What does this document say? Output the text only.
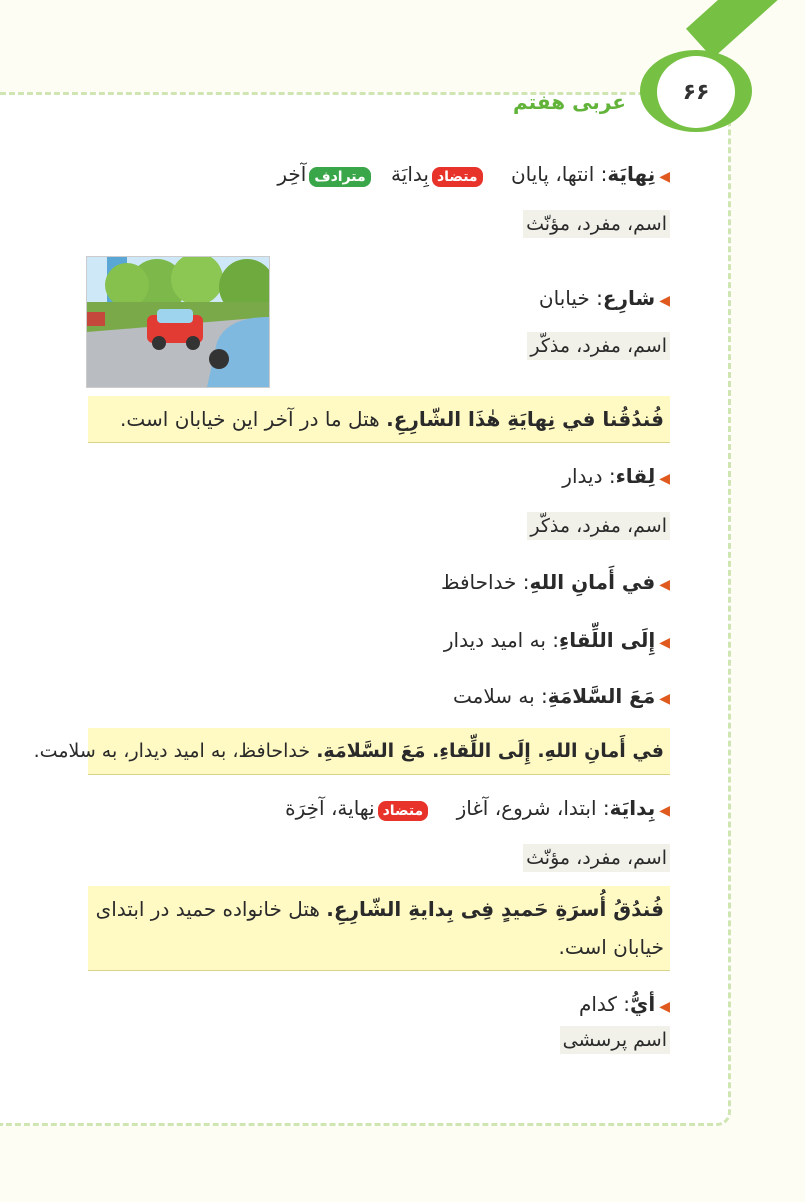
۶۶
عربی هفتم
◀نِهایَة: انتها، پایان متضادبِدایَة مترادفآخِر
اسم، مفرد، مؤنّث
◀شارِع: خیابان
اسم، مفرد، مذکّر
فُندُقُنا في نِهایَةِ هٰذَا الشّارِعِ. هتل ما در آخر این خیابان است.
◀لِقاء: دیدار
اسم، مفرد، مذکّر
◀في أَمانِ اللهِ: خداحافظ
◀إِلَی اللِّقاءِ: به امید دیدار
◀مَعَ السَّلامَةِ: به سلامت
في أَمانِ اللهِ. إِلَی اللِّقاءِ. مَعَ السَّلامَةِ. خداحافظ، به امید دیدار، به سلامت.
◀بِدایَة: ابتدا، شروع، آغاز متضادنِهایة، آخِرَة
اسم، مفرد، مؤنّث
فُندُقُ أُسرَةِ حَمیدٍ فِی بِدایةِ الشّارِعِ. هتل خانواده حمید در ابتدای خیابان است.
◀أيُّ: کدام
اسم پرسشی
